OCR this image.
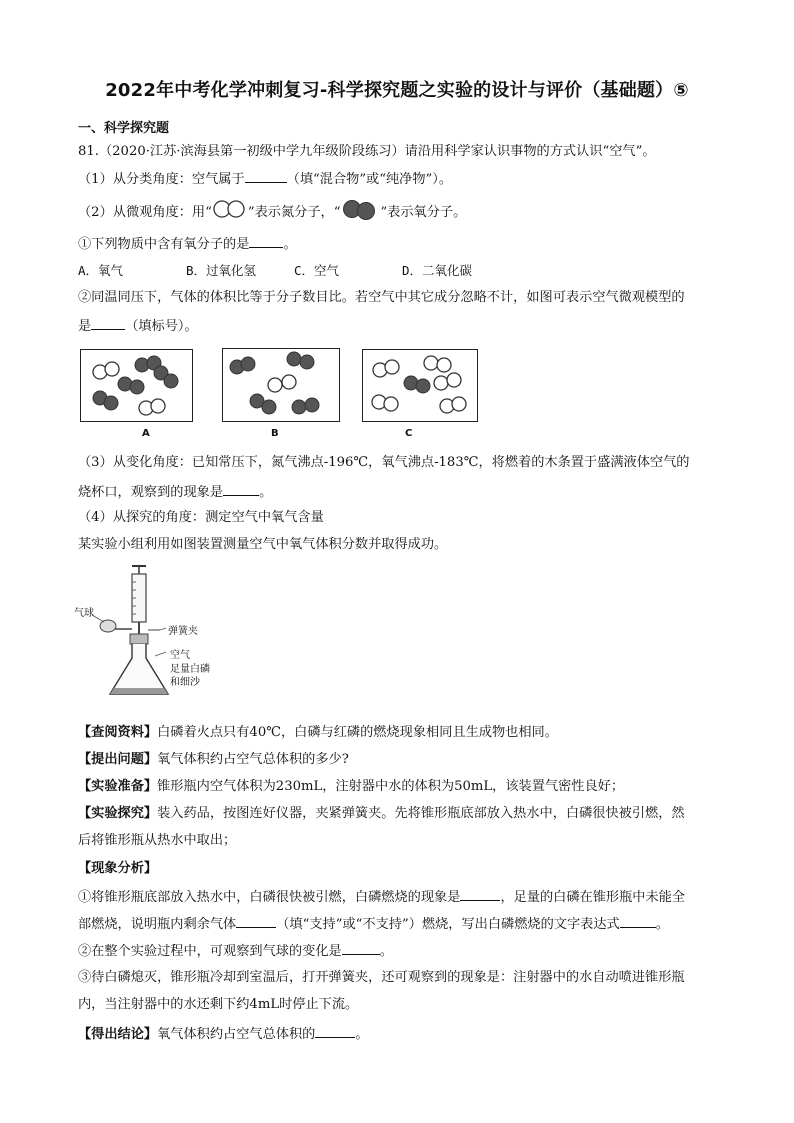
2022年中考化学冲刺复习-科学探究题之实验的设计与评价（基础题）⑤
一、科学探究题
81.（2020·江苏·滨海县第一初级中学九年级阶段练习）请沿用科学家认识事物的方式认识“空气”。
（1）从分类角度：空气属于	（填“混合物”或“纯净物”）。
（2）从微观角度：用“	”表示氮分子，“	”表示氧分子。
①下列物质中含有氧分子的是	。
A．氧气	B．过氧化氢	C．空气	D．二氧化碳
②同温同压下，气体的体积比等于分子数目比。若空气中其它成分忽略不计，如图可表示空气微观模型的
是	（填标号）。
A	B	C
（3）从变化角度：已知常压下，氮气沸点-196℃，氧气沸点-183℃，将燃着的木条置于盛满液体空气的
烧杯口，观察到的现象是	。
（4）从探究的角度：测定空气中氧气含量
某实验小组利用如图装置测量空气中氧气体积分数并取得成功。
气球
弹簧夹
空气
足量白磷
和细沙
【查阅资料】白磷着火点只有40℃，白磷与红磷的燃烧现象相同且生成物也相同。
【提出问题】氧气体积约占空气总体积的多少?
【实验准备】锥形瓶内空气体积为230mL，注射器中水的体积为50mL，该装置气密性良好；
【实验探究】装入药品，按图连好仪器，夹紧弹簧夹。先将锥形瓶底部放入热水中，白磷很快被引燃，然
后将锥形瓶从热水中取出；
【现象分析】
①将锥形瓶底部放入热水中，白磷很快被引燃，白磷燃烧的现象是	，足量的白磷在锥形瓶中未能全
部燃烧，说明瓶内剩余气体	（填“支持”或“不支持”）燃烧，写出白磷燃烧的文字表达式	。
②在整个实验过程中，可观察到气球的变化是	。
③待白磷熄灭，锥形瓶冷却到室温后，打开弹簧夹，还可观察到的现象是：注射器中的水自动喷进锥形瓶
内，当注射器中的水还剩下约4mL时停止下流。
【得出结论】氧气体积约占空气总体积的	。
